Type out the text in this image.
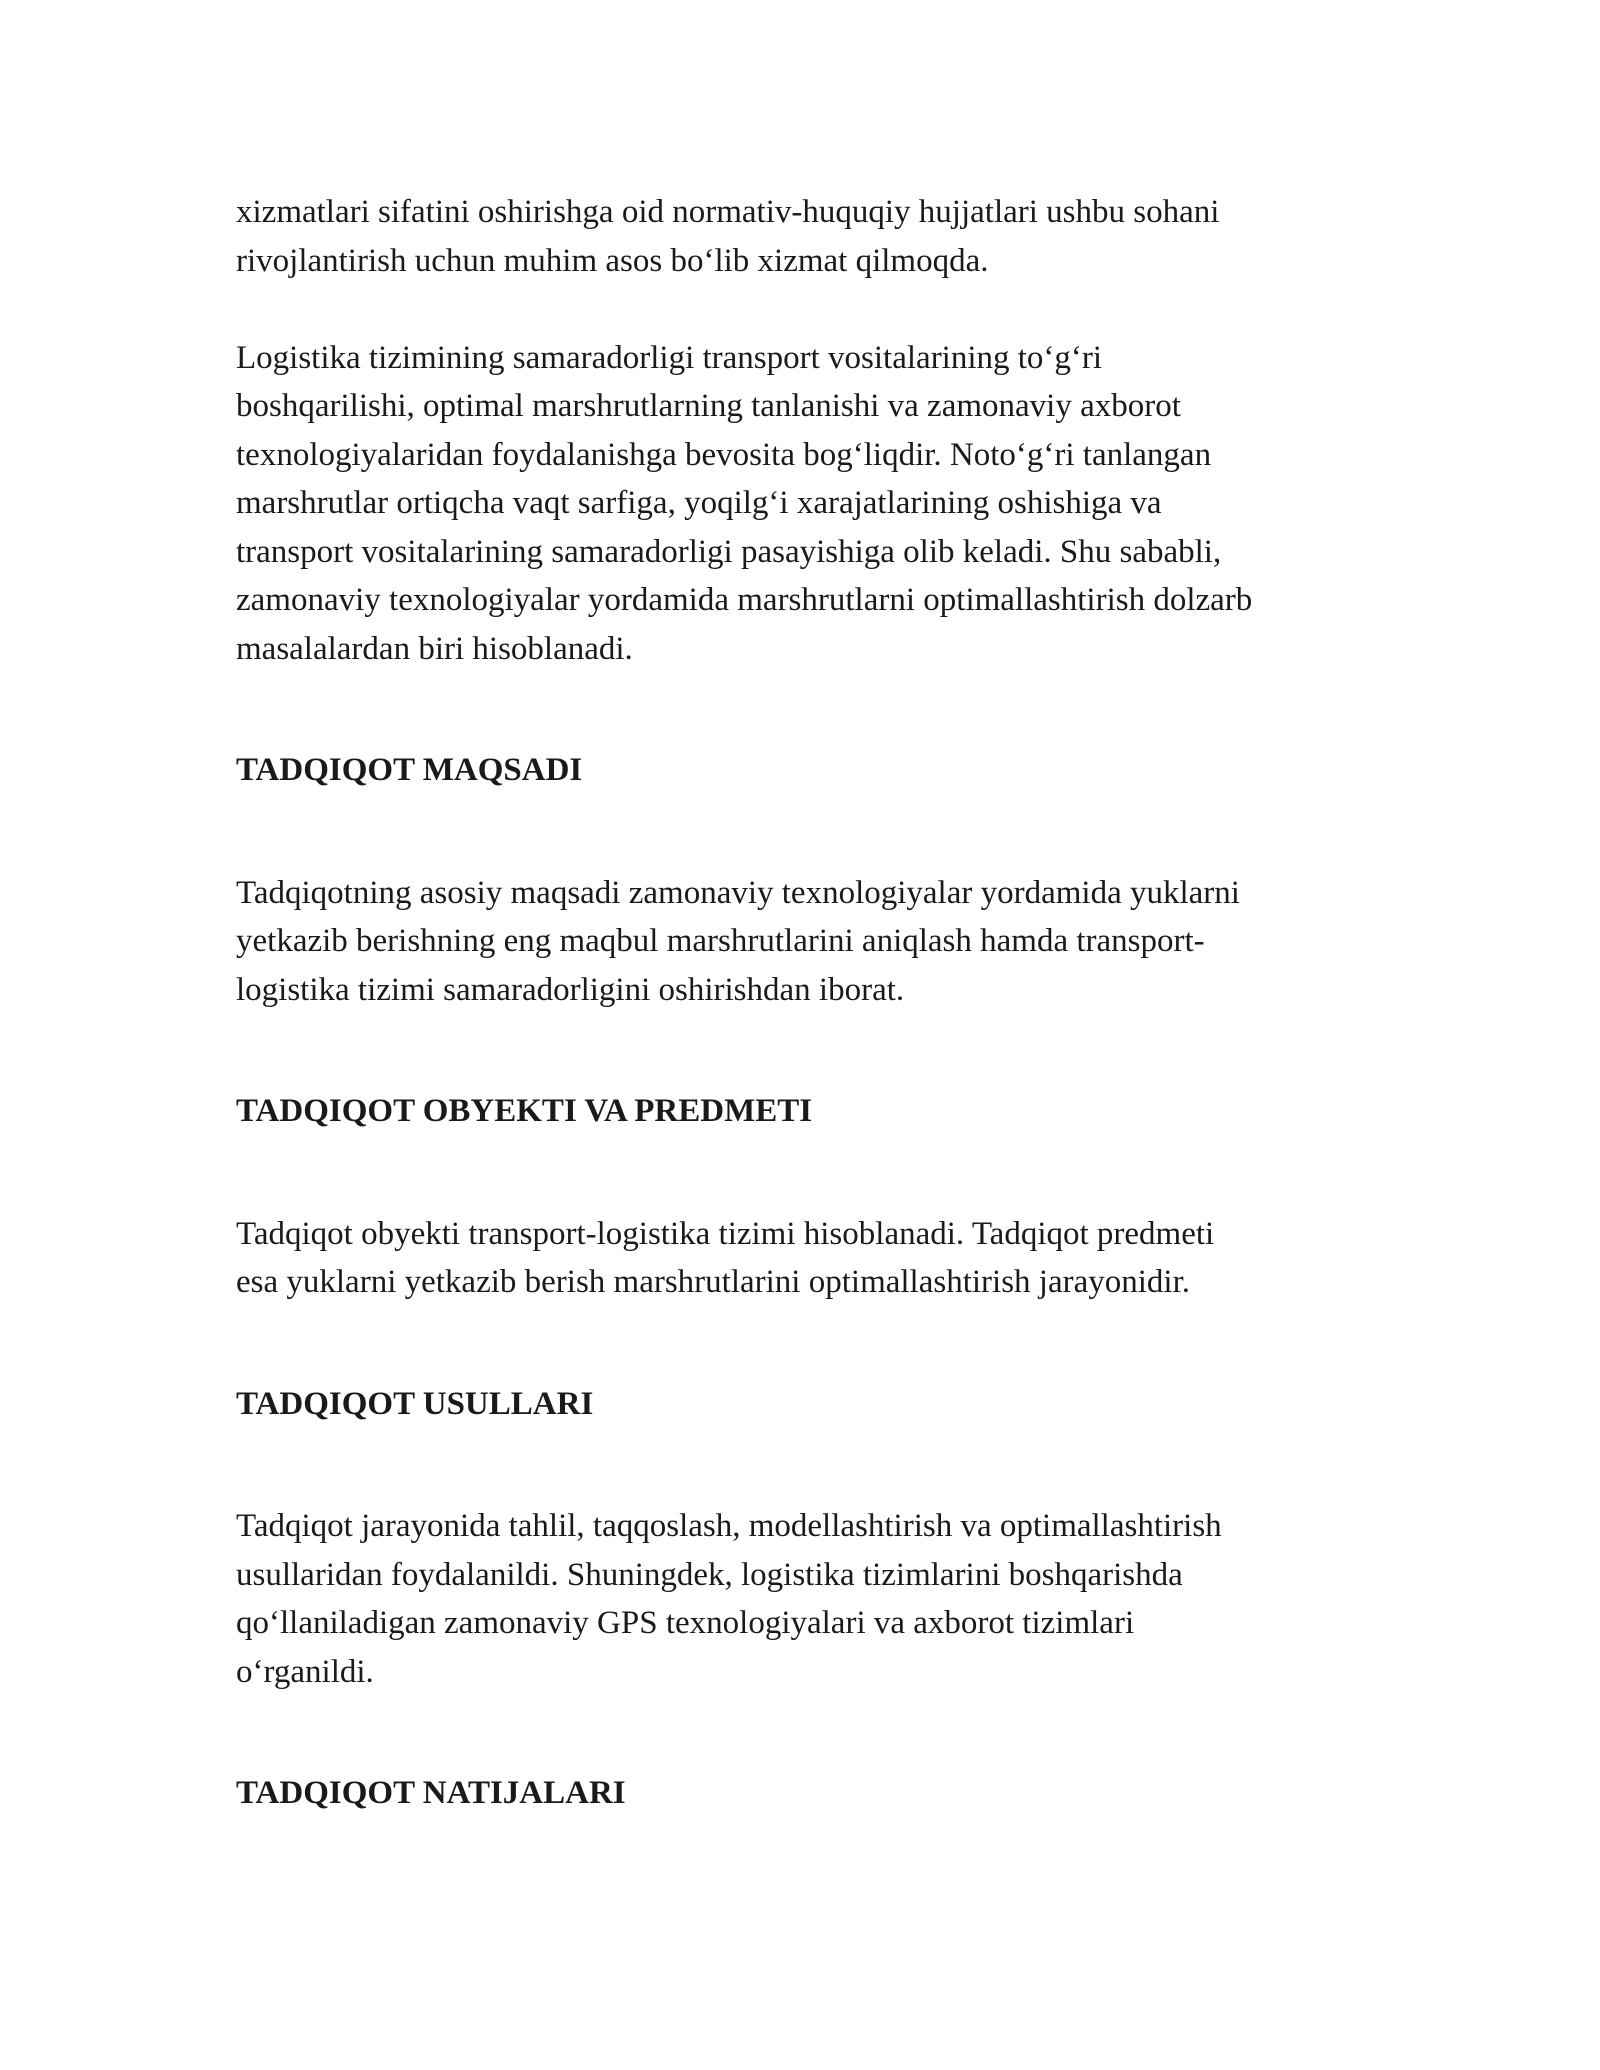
xizmatlari sifatini oshirishga oid normativ-huquqiy hujjatlari ushbu sohani
rivojlantirish uchun muhim asos bo‘lib xizmat qilmoqda.

Logistika tizimining samaradorligi transport vositalarining to‘g‘ri
boshqarilishi, optimal marshrutlarning tanlanishi va zamonaviy axborot
texnologiyalaridan foydalanishga bevosita bog‘liqdir. Noto‘g‘ri tanlangan
marshrutlar ortiqcha vaqt sarfiga, yoqilg‘i xarajatlarining oshishiga va
transport vositalarining samaradorligi pasayishiga olib keladi. Shu sababli,
zamonaviy texnologiyalar yordamida marshrutlarni optimallashtirish dolzarb
masalalardan biri hisoblanadi.

TADQIQOT MAQSADI

Tadqiqotning asosiy maqsadi zamonaviy texnologiyalar yordamida yuklarni
yetkazib berishning eng maqbul marshrutlarini aniqlash hamda transport-
logistika tizimi samaradorligini oshirishdan iborat.

TADQIQOT OBYEKTI VA PREDMETI

Tadqiqot obyekti transport-logistika tizimi hisoblanadi. Tadqiqot predmeti
esa yuklarni yetkazib berish marshrutlarini optimallashtirish jarayonidir.

TADQIQOT USULLARI

Tadqiqot jarayonida tahlil, taqqoslash, modellashtirish va optimallashtirish
usullaridan foydalanildi. Shuningdek, logistika tizimlarini boshqarishda
qo‘llaniladigan zamonaviy GPS texnologiyalari va axborot tizimlari
o‘rganildi.

TADQIQOT NATIJALARI
